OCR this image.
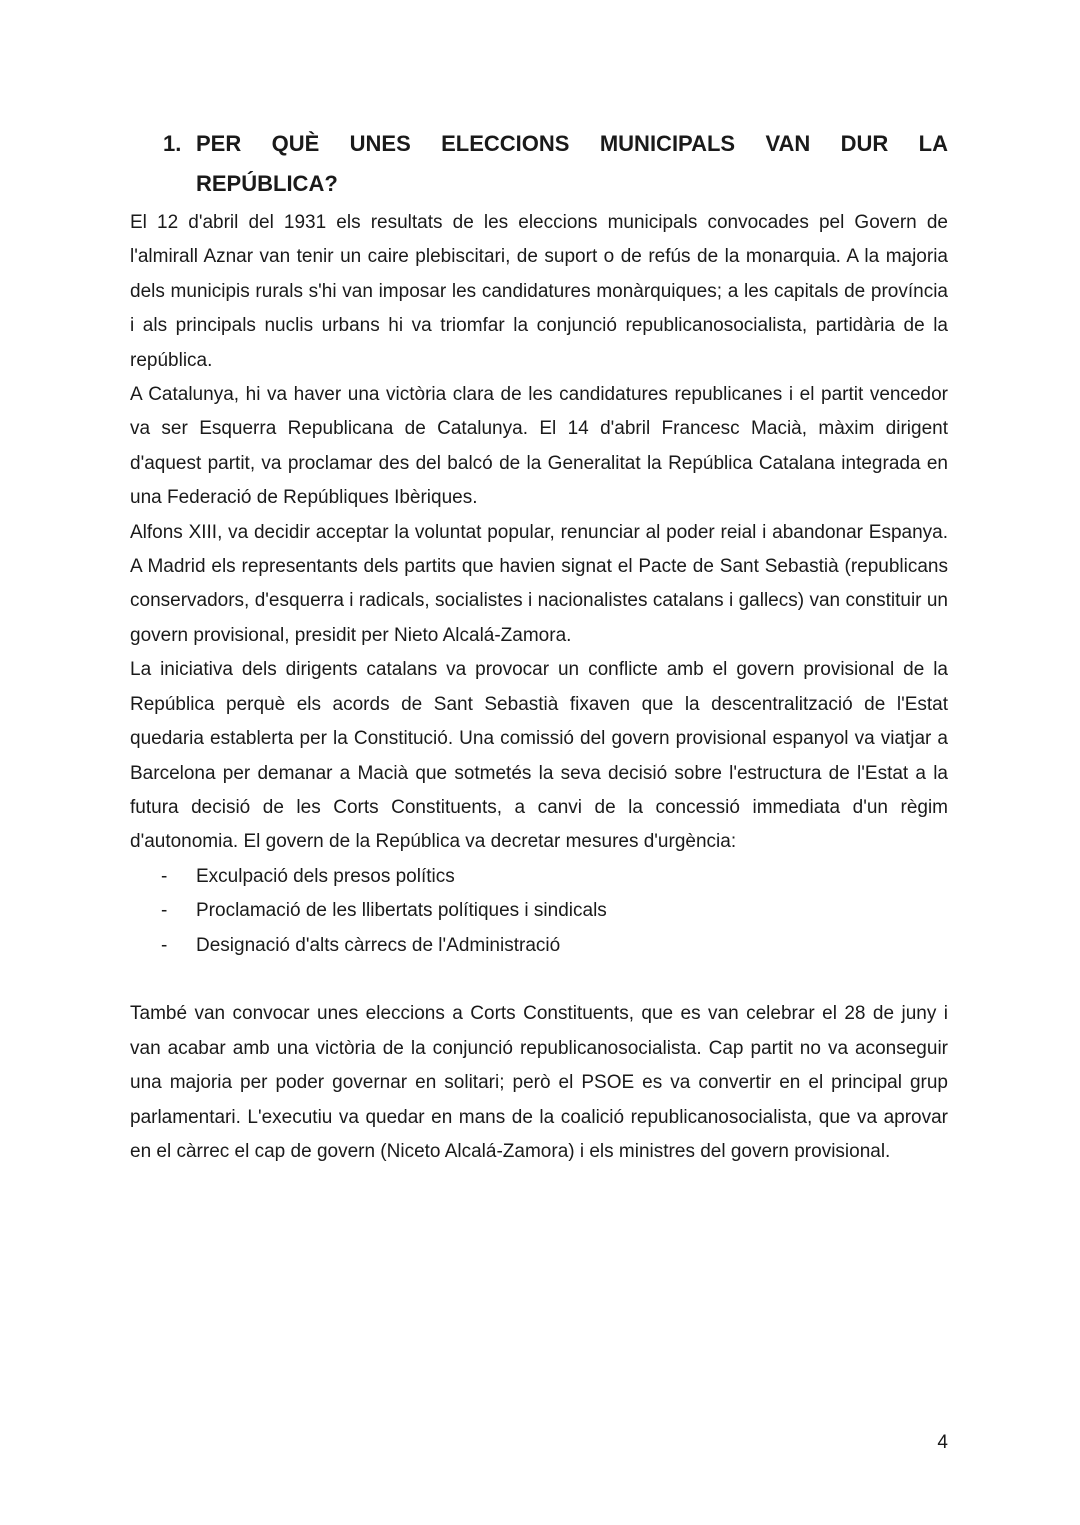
1. PER QUÈ UNES ELECCIONS MUNICIPALS VAN DUR LA
REPÚBLICA?

El 12 d'abril del 1931 els resultats de les eleccions municipals convocades pel Govern de l'almirall Aznar van tenir un caire plebiscitari, de suport o de refús de la monarquia. A la majoria dels municipis rurals s'hi van imposar les candidatures monàrquiques; a les capitals de província i als principals nuclis urbans hi va triomfar la conjunció republicanosocialista, partidària de la república.

A Catalunya, hi va haver una victòria clara de les candidatures republicanes i el partit vencedor va ser Esquerra Republicana de Catalunya. El 14 d'abril Francesc Macià, màxim dirigent d'aquest partit, va proclamar des del balcó de la Generalitat la República Catalana integrada en una Federació de Repúbliques Ibèriques.

Alfons XIII, va decidir acceptar la voluntat popular, renunciar al poder reial i abandonar Espanya. A Madrid els representants dels partits que havien signat el Pacte de Sant Sebastià (republicans conservadors, d'esquerra i radicals, socialistes i nacionalistes catalans i gallecs) van constituir un govern provisional, presidit per Nieto Alcalá-Zamora.

La iniciativa dels dirigents catalans va provocar un conflicte amb el govern provisional de la República perquè els acords de Sant Sebastià fixaven que la descentralització de l'Estat quedaria establerta per la Constitució. Una comissió del govern provisional espanyol va viatjar a Barcelona per demanar a Macià que sotmetés la seva decisió sobre l'estructura de l'Estat a la futura decisió de les Corts Constituents, a canvi de la concessió immediata d'un règim d'autonomia. El govern de la República va decretar mesures d'urgència:

- Exculpació dels presos polítics
- Proclamació de les llibertats polítiques i sindicals
- Designació d'alts càrrecs de l'Administració

També van convocar unes eleccions a Corts Constituents, que es van celebrar el 28 de juny i van acabar amb una victòria de la conjunció republicanosocialista. Cap partit no va aconseguir una majoria per poder governar en solitari; però el PSOE es va convertir en el principal grup parlamentari. L'executiu va quedar en mans de la coalició republicanosocialista, que va aprovar en el càrrec el cap de govern (Niceto Alcalá-Zamora) i els ministres del govern provisional.

4
